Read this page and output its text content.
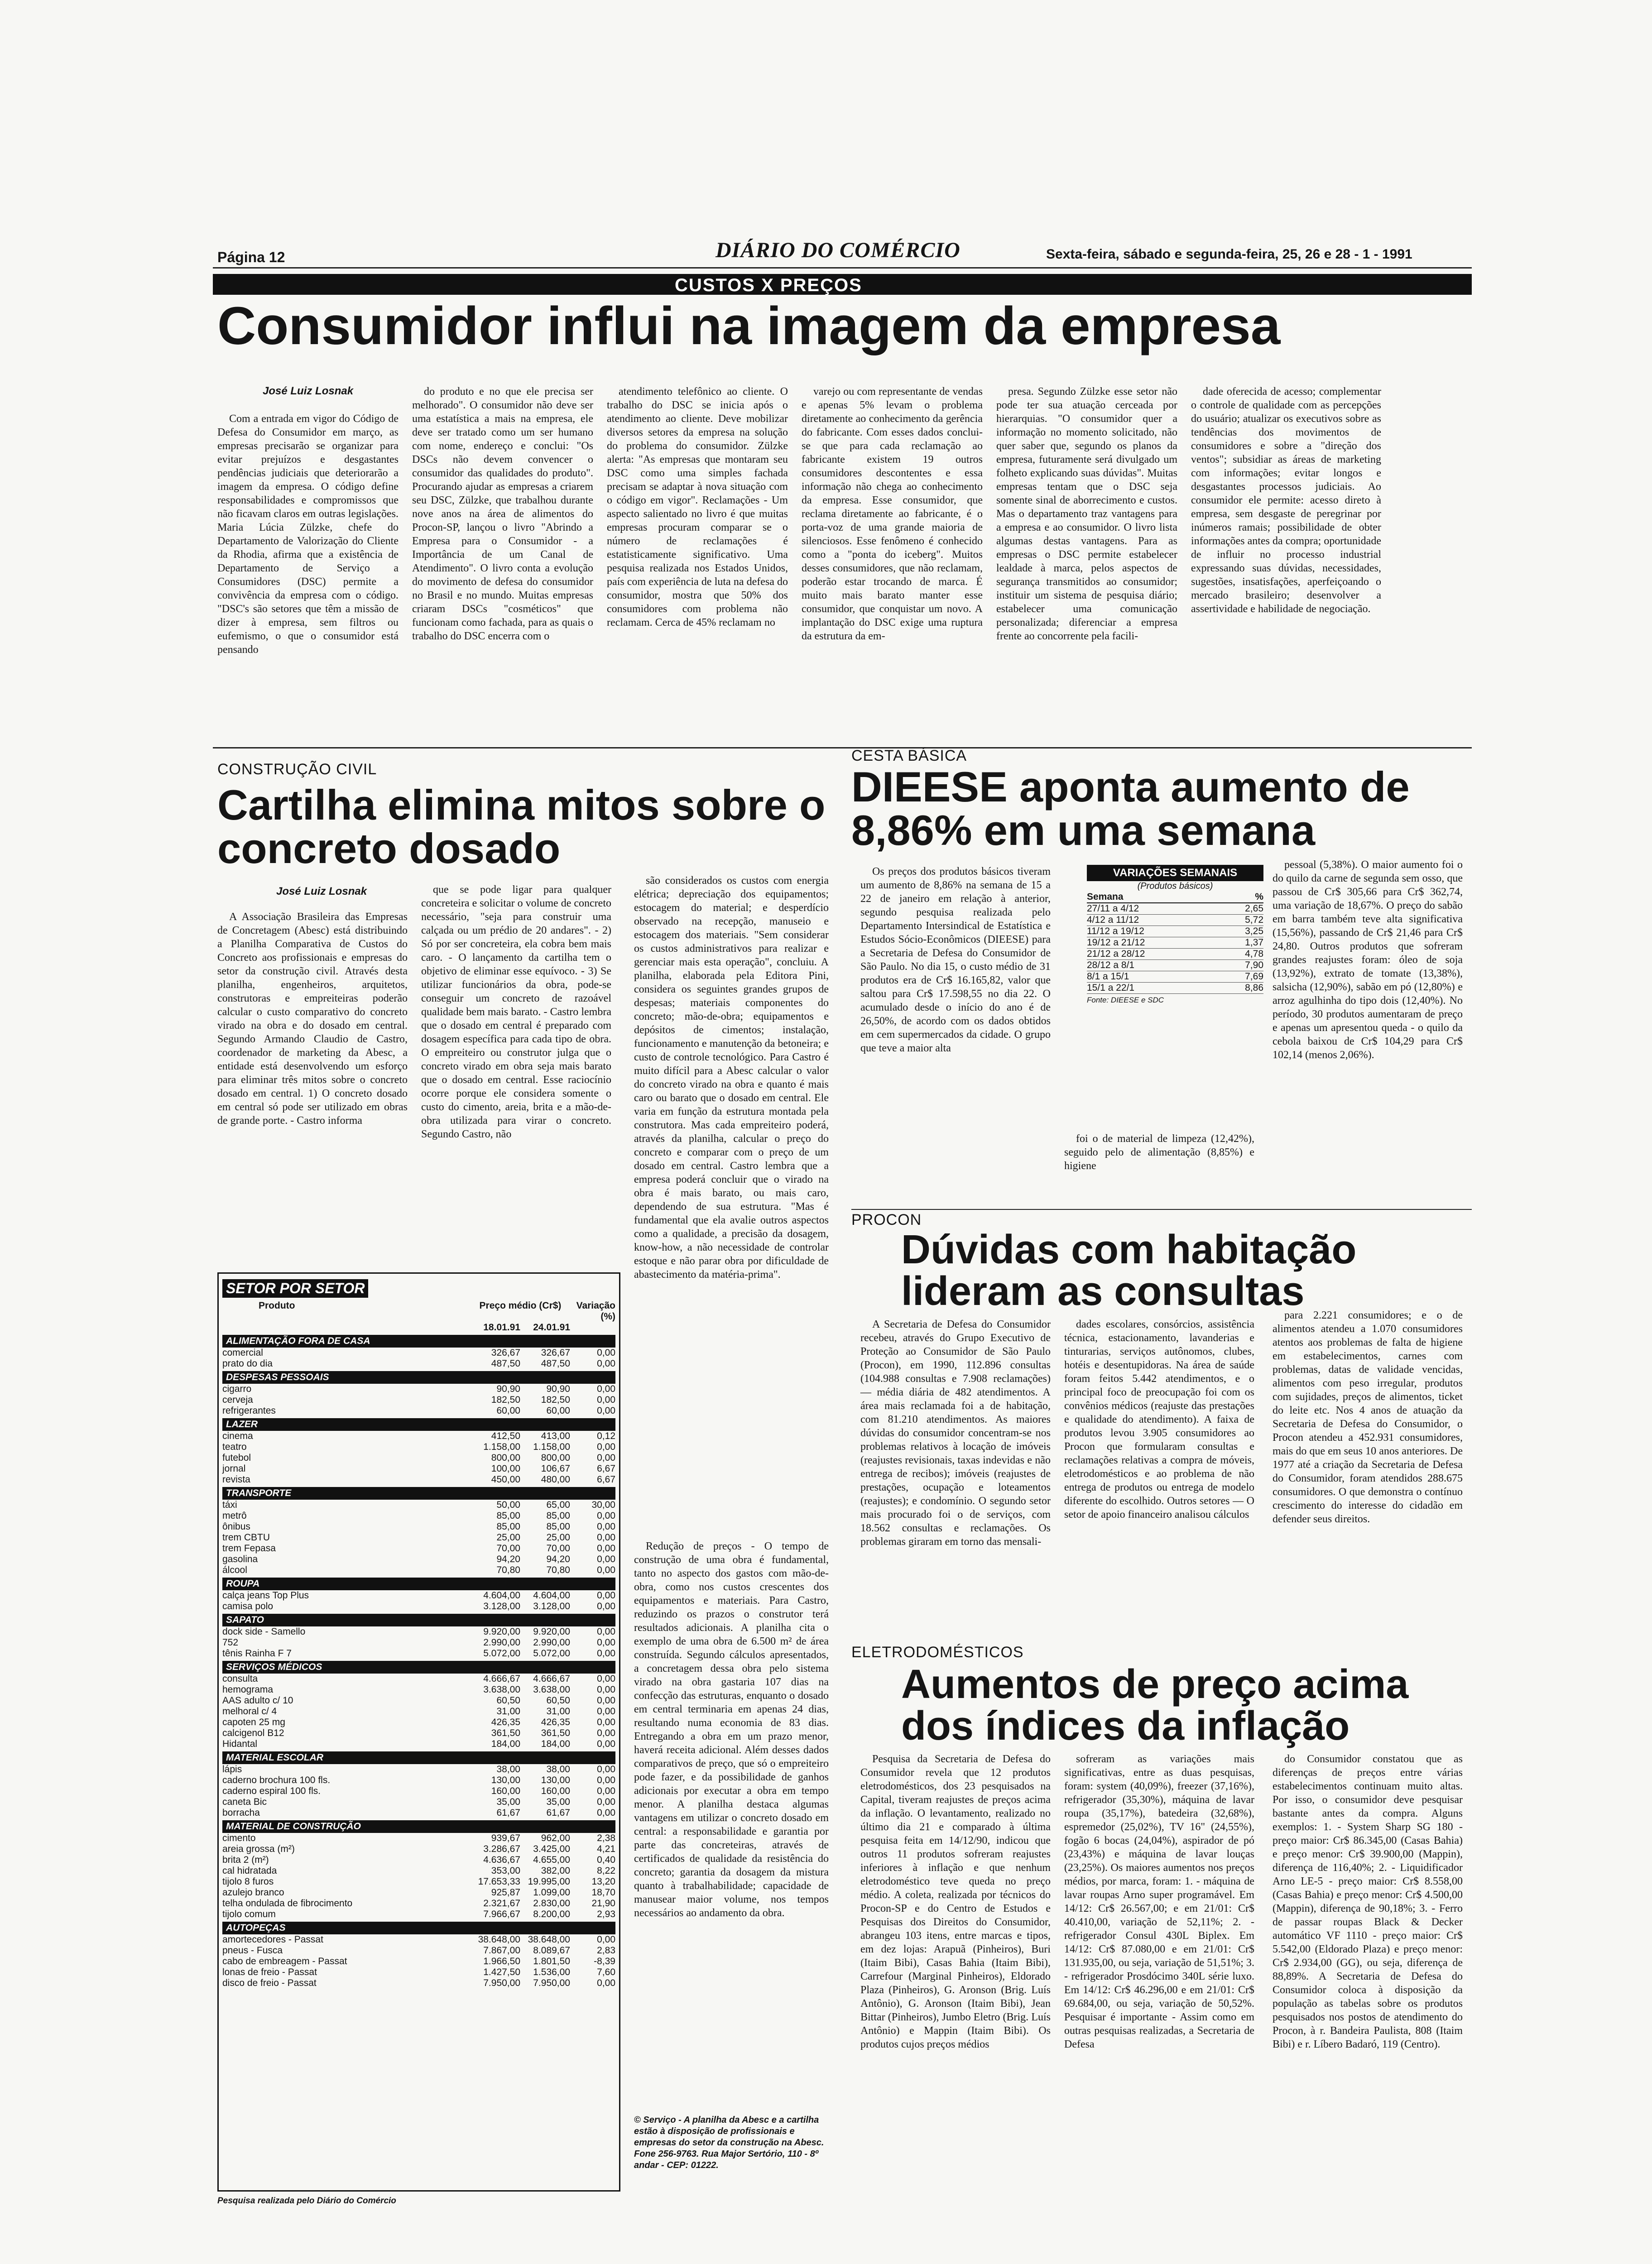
Página 12	DIÁRIO DO COMÉRCIO	Sexta-feira, sábado e segunda-feira, 25, 26 e 28 - 1 - 1991
CUSTOS X PREÇOS
Consumidor influi na imagem da empresa
José Luiz Losnak

Com a entrada em vigor do Código de Defesa do Consumidor em março, as empresas precisarão se organizar para evitar prejuízos e desgastantes pendências judiciais que deteriorarão a imagem da empresa. O código define responsabilidades e compromissos que não ficavam claros em outras legislações. Maria Lúcia Zülzke, chefe do Departamento de Valorização do Cliente da Rhodia, afirma que a existência de Departamento de Serviço a Consumidores (DSC) permite a convivência da empresa com o código. "DSC's são setores que têm a missão de dizer à empresa, sem filtros ou eufemismo, o que o consumidor está pensando

do produto e no que ele precisa ser melhorado". O consumidor não deve ser uma estatística a mais na empresa, ele deve ser tratado como um ser humano com nome, endereço e conclui: "Os DSCs não devem convencer o consumidor das qualidades do produto". Procurando ajudar as empresas a criarem seu DSC, Zülzke, que trabalhou durante nove anos na área de alimentos do Procon-SP, lançou o livro "Abrindo a Empresa para o Consumidor - a Importância de um Canal de Atendimento". O livro conta a evolução do movimento de defesa do consumidor no Brasil e no mundo. Muitas empresas criaram DSCs "cosméticos" que funcionam como fachada, para as quais o trabalho do DSC encerra com o

atendimento telefônico ao cliente. O trabalho do DSC se inicia após o atendimento ao cliente. Deve mobilizar diversos setores da empresa na solução do problema do consumidor. Zülzke alerta: "As empresas que montaram seu DSC como uma simples fachada precisam se adaptar à nova situação com o código em vigor". Reclamações - Um aspecto salientado no livro é que muitas empresas procuram comparar se o número de reclamações é estatisticamente significativo. Uma pesquisa realizada nos Estados Unidos, país com experiência de luta na defesa do consumidor, mostra que 50% dos consumidores com problema não reclamam. Cerca de 45% reclamam no

varejo ou com representante de vendas e apenas 5% levam o problema diretamente ao conhecimento da gerência do fabricante. Com esses dados conclui-se que para cada reclamação ao fabricante existem 19 outros consumidores descontentes e essa informação não chega ao conhecimento da empresa. Esse consumidor, que reclama diretamente ao fabricante, é o porta-voz de uma grande maioria de silenciosos. Esse fenômeno é conhecido como a "ponta do iceberg". Muitos desses consumidores, que não reclamam, poderão estar trocando de marca. É muito mais barato manter esse consumidor, que conquistar um novo. A implantação do DSC exige uma ruptura da estrutura da em-

presa. Segundo Zülzke esse setor não pode ter sua atuação cerceada por hierarquias. "O consumidor quer a informação no momento solicitado, não quer saber que, segundo os planos da empresa, futuramente será divulgado um folheto explicando suas dúvidas". Muitas empresas tentam que o DSC seja somente sinal de aborrecimento e custos. Mas o departamento traz vantagens para a empresa e ao consumidor. O livro lista algumas destas vantagens. Para as empresas o DSC permite estabelecer lealdade à marca, pelos aspectos de segurança transmitidos ao consumidor; instituir um sistema de pesquisa diário; estabelecer uma comunicação personalizada; diferenciar a empresa frente ao concorrente pela facili-

dade oferecida de acesso; complementar o controle de qualidade com as percepções do usuário; atualizar os executivos sobre as tendências dos movimentos de consumidores e sobre a "direção dos ventos"; subsidiar as áreas de marketing com informações; evitar longos e desgastantes processos judiciais. Ao consumidor ele permite: acesso direto à empresa, sem desgaste de peregrinar por inúmeros ramais; possibilidade de obter informações antes da compra; oportunidade de influir no processo industrial expressando suas dúvidas, necessidades, sugestões, insatisfações, aperfeiçoando o mercado brasileiro; desenvolver a assertividade e habilidade de negociação.

CONSTRUÇÃO CIVIL
Cartilha elimina mitos sobre o concreto dosado
José Luiz Losnak

A Associação Brasileira das Empresas de Concretagem (Abesc) está distribuindo a Planilha Comparativa de Custos do Concreto aos profissionais e empresas do setor da construção civil. Através desta planilha, engenheiros, arquitetos, construtoras e empreiteiras poderão calcular o custo comparativo do concreto virado na obra e do dosado em central. Segundo Armando Claudio de Castro, coordenador de marketing da Abesc, a entidade está desenvolvendo um esforço para eliminar três mitos sobre o concreto dosado em central. 1) O concreto dosado em central só pode ser utilizado em obras de grande porte. - Castro informa

que se pode ligar para qualquer concreteira e solicitar o volume de concreto necessário, "seja para construir uma calçada ou um prédio de 20 andares". - 2) Só por ser concreteira, ela cobra bem mais caro. - O lançamento da cartilha tem o objetivo de eliminar esse equívoco. - 3) Se utilizar funcionários da obra, pode-se conseguir um concreto de razoável qualidade bem mais barato. - Castro lembra que o dosado em central é preparado com dosagem específica para cada tipo de obra. O empreiteiro ou construtor julga que o concreto virado em obra seja mais barato que o dosado em central. Esse raciocínio ocorre porque ele considera somente o custo do cimento, areia, brita e a mão-de-obra utilizada para virar o concreto. Segundo Castro, não

são considerados os custos com energia elétrica; depreciação dos equipamentos; estocagem do material; e desperdício observado na recepção, manuseio e estocagem dos materiais. "Sem considerar os custos administrativos para realizar e gerenciar mais esta operação", concluiu. A planilha, elaborada pela Editora Pini, considera os seguintes grandes grupos de despesas; materiais componentes do concreto; mão-de-obra; equipamentos e depósitos de cimentos; instalação, funcionamento e manutenção da betoneira; e custo de controle tecnológico. Para Castro é muito difícil para a Abesc calcular o valor do concreto virado na obra e quanto é mais caro ou barato que o dosado em central. Ele varia em função da estrutura montada pela construtora. Mas cada empreiteiro poderá, através da planilha, calcular o preço do concreto e comparar com o preço de um dosado em central. Castro lembra que a empresa poderá concluir que o virado na obra é mais barato, ou mais caro, dependendo de sua estrutura. "Mas é fundamental que ela avalie outros aspectos como a qualidade, a precisão da dosagem, know-how, a não necessidade de controlar estoque e não parar obra por dificuldade de abastecimento da matéria-prima".

Redução de preços - O tempo de construção de uma obra é fundamental, tanto no aspecto dos gastos com mão-de-obra, como nos custos crescentes dos equipamentos e materiais. Para Castro, reduzindo os prazos o construtor terá resultados adicionais. A planilha cita o exemplo de uma obra de 6.500 m² de área construída. Segundo cálculos apresentados, a concretagem dessa obra pelo sistema virado na obra gastaria 107 dias na confecção das estruturas, enquanto o dosado em central terminaria em apenas 24 dias, resultando numa economia de 83 dias. Entregando a obra em um prazo menor, haverá receita adicional. Além desses dados comparativos de preço, que só o empreiteiro pode fazer, e da possibilidade de ganhos adicionais por executar a obra em tempo menor. A planilha destaca algumas vantagens em utilizar o concreto dosado em central: a responsabilidade e garantia por parte das concreteiras, através de certificados de qualidade da resistência do concreto; garantia da dosagem da mistura quanto à trabalhabilidade; capacidade de manusear maior volume, nos tempos necessários ao andamento da obra.

© Serviço - A planilha da Abesc e a cartilha estão à disposição de profissionais e empresas do setor da construção na Abesc. Fone 256-9763. Rua Major Sertório, 110 - 8º andar - CEP: 01222.
SETOR POR SETOR
Produto	Preço médio (Cr$)	Variação (%)
18.01.91	24.01.91
ALIMENTAÇÃO FORA DE CASA
comercial	326,67	326,67	0,00
prato do dia	487,50	487,50	0,00
DESPESAS PESSOAIS
cigarro	90,90	90,90	0,00
cerveja	182,50	182,50	0,00
refrigerantes	60,00	60,00	0,00
LAZER
cinema	412,50	413,00	0,12
teatro	1.158,00	1.158,00	0,00
futebol	800,00	800,00	0,00
jornal	100,00	106,67	6,67
revista	450,00	480,00	6,67
TRANSPORTE
táxi	50,00	65,00	30,00
metrô	85,00	85,00	0,00
ônibus	85,00	85,00	0,00
trem CBTU	25,00	25,00	0,00
trem Fepasa	70,00	70,00	0,00
gasolina	94,20	94,20	0,00
álcool	70,80	70,80	0,00
ROUPA
calça jeans Top Plus	4.604,00	4.604,00	0,00
camisa polo	3.128,00	3.128,00	0,00
SAPATO
dock side - Samello	9.920,00	9.920,00	0,00
752	2.990,00	2.990,00	0,00
tênis Rainha F 7	5.072,00	5.072,00	0,00
SERVIÇOS MÉDICOS
consulta	4.666,67	4.666,67	0,00
hemograma	3.638,00	3.638,00	0,00
AAS adulto c/ 10	60,50	60,50	0,00
melhoral c/ 4	31,00	31,00	0,00
capoten 25 mg	426,35	426,35	0,00
calcigenol B12	361,50	361,50	0,00
Hidantal	184,00	184,00	0,00
MATERIAL ESCOLAR
lápis	38,00	38,00	0,00
caderno brochura 100 fls.	130,00	130,00	0,00
caderno espiral 100 fls.	160,00	160,00	0,00
caneta Bic	35,00	35,00	0,00
borracha	61,67	61,67	0,00
MATERIAL DE CONSTRUÇÃO
cimento	939,67	962,00	2,38
areia grossa (m²)	3.286,67	3.425,00	4,21
brita 2 (m²)	4.636,67	4.655,00	0,40
cal hidratada	353,00	382,00	8,22
tijolo 8 furos	17.653,33 19.995,00	13,20
azulejo branco	925,87	1.099,00	18,70
telha ondulada de fibrocimento	2.321,67	2.830,00	21,90
tijolo comum	7.966,67	8.200,00	2,93
AUTOPEÇAS
amortecedores - Passat	38.648,00 38.648,00	0,00
pneus - Fusca	7.867,00	8.089,67	2,83
cabo de embreagem - Passat	1.966,50	1.801,50	-8,39
lonas de freio - Passat	1.427,50	1.536,00	7,60
disco de freio - Passat	7.950,00	7.950,00	0,00
Pesquisa realizada pelo Diário do Comércio
CESTA BÁSICA
DIEESE aponta aumento de 8,86% em uma semana

Os preços dos produtos básicos tiveram um aumento de 8,86% na semana de 15 a 22 de janeiro em relação à anterior, segundo pesquisa realizada pelo Departamento Intersindical de Estatística e Estudos Sócio-Econômicos (DIEESE) para a Secretaria de Defesa do Consumidor de São Paulo. No dia 15, o custo médio de 31 produtos era de Cr$ 16.165,82, valor que saltou para Cr$ 17.598,55 no dia 22. O acumulado desde o início do ano é de 26,50%, de acordo com os dados obtidos em cem supermercados da cidade. O grupo que teve a maior alta

foi o de material de limpeza (12,42%), seguido pelo de alimentação (8,85%) e higiene

pessoal (5,38%). O maior aumento foi o do quilo da carne de segunda sem osso, que passou de Cr$ 305,66 para Cr$ 362,74, uma variação de 18,67%. O preço do sabão em barra também teve alta significativa (15,56%), passando de Cr$ 21,46 para Cr$ 24,80. Outros produtos que sofreram grandes reajustes foram: óleo de soja (13,92%), extrato de tomate (13,38%), salsicha (12,90%), sabão em pó (12,80%) e arroz agulhinha do tipo dois (12,40%). No período, 30 produtos aumentaram de preço e apenas um apresentou queda - o quilo da cebola baixou de Cr$ 104,29 para Cr$ 102,14 (menos 2,06%).

VARIAÇÕES SEMANAIS
(Produtos básicos)
Semana	%
27/11 a 4/12	2,65
4/12 a 11/12	5,72
11/12 a 19/12	3,25
19/12 a 21/12	1,37
21/12 a 28/12	4,78
28/12 a 8/1	7,90
8/1 a 15/1	7,69
15/1 a 22/1	8,86
Fonte: DIEESE e SDC
PROCON
Dúvidas com habitação lideram as consultas

A Secretaria de Defesa do Consumidor recebeu, através do Grupo Executivo de Proteção ao Consumidor de São Paulo (Procon), em 1990, 112.896 consultas (104.988 consultas e 7.908 reclamações) — média diária de 482 atendimentos. A área mais reclamada foi a de habitação, com 81.210 atendimentos. As maiores dúvidas do consumidor concentram-se nos problemas relativos à locação de imóveis (reajustes revisionais, taxas indevidas e não entrega de recibos); imóveis (reajustes de prestações, ocupação e loteamentos (reajustes); e condomínio. O segundo setor mais procurado foi o de serviços, com 18.562 consultas e reclamações. Os problemas giraram em torno das mensali-

dades escolares, consórcios, assistência técnica, estacionamento, lavanderias e tinturarias, serviços autônomos, clubes, hotéis e desentupidoras. Na área de saúde foram feitos 5.442 atendimentos, e o principal foco de preocupação foi com os convênios médicos (reajuste das prestações e qualidade do atendimento). A faixa de produtos levou 3.905 consumidores ao Procon que formularam consultas e reclamações relativas a compra de móveis, eletrodomésticos e ao problema de não entrega de produtos ou entrega de modelo diferente do escolhido. Outros setores — O setor de apoio financeiro analisou cálculos

para 2.221 consumidores; e o de alimentos atendeu a 1.070 consumidores atentos aos problemas de falta de higiene em estabelecimentos, carnes com problemas, datas de validade vencidas, alimentos com peso irregular, produtos com sujidades, preços de alimentos, ticket do leite etc. Nos 4 anos de atuação da Secretaria de Defesa do Consumidor, o Procon atendeu a 452.931 consumidores, mais do que em seus 10 anos anteriores. De 1977 até a criação da Secretaria de Defesa do Consumidor, foram atendidos 288.675 consumidores. O que demonstra o contínuo crescimento do interesse do cidadão em defender seus direitos.

ELETRODOMÉSTICOS
Aumentos de preço acima dos índices da inflação

Pesquisa da Secretaria de Defesa do Consumidor revela que 12 produtos eletrodomésticos, dos 23 pesquisados na Capital, tiveram reajustes de preços acima da inflação. O levantamento, realizado no último dia 21 e comparado à última pesquisa feita em 14/12/90, indicou que outros 11 produtos sofreram reajustes inferiores à inflação e que nenhum eletrodoméstico teve queda no preço médio. A coleta, realizada por técnicos do Procon-SP e do Centro de Estudos e Pesquisas dos Direitos do Consumidor, abrangeu 103 itens, entre marcas e tipos, em dez lojas: Arapuã (Pinheiros), Buri (Itaim Bibi), Casas Bahia (Itaim Bibi), Carrefour (Marginal Pinheiros), Eldorado Plaza (Pinheiros), G. Aronson (Brig. Luís Antônio), G. Aronson (Itaim Bibi), Jean Bittar (Pinheiros), Jumbo Eletro (Brig. Luís Antônio) e Mappin (Itaim Bibi). Os produtos cujos preços médios

sofreram as variações mais significativas, entre as duas pesquisas, foram: system (40,09%), freezer (37,16%), refrigerador (35,30%), máquina de lavar roupa (35,17%), batedeira (32,68%), espremedor (25,02%), TV 16" (24,55%), fogão 6 bocas (24,04%), aspirador de pó (23,43%) e máquina de lavar louças (23,25%). Os maiores aumentos nos preços médios, por marca, foram: 1. - máquina de lavar roupas Arno super programável. Em 14/12: Cr$ 26.567,00; e em 21/01: Cr$ 40.410,00, variação de 52,11%; 2. - refrigerador Consul 430L Biplex. Em 14/12: Cr$ 87.080,00 e em 21/01: Cr$ 131.935,00, ou seja, variação de 51,51%; 3. - refrigerador Prosdócimo 340L série luxo. Em 14/12: Cr$ 46.296,00 e em 21/01: Cr$ 69.684,00, ou seja, variação de 50,52%. Pesquisar é importante - Assim como em outras pesquisas realizadas, a Secretaria de Defesa

do Consumidor constatou que as diferenças de preços entre várias estabelecimentos continuam muito altas. Por isso, o consumidor deve pesquisar bastante antes da compra. Alguns exemplos: 1. - System Sharp SG 180 - preço maior: Cr$ 86.345,00 (Casas Bahia) e preço menor: Cr$ 39.900,00 (Mappin), diferença de 116,40%; 2. - Liquidificador Arno LE-5 - preço maior: Cr$ 8.558,00 (Casas Bahia) e preço menor: Cr$ 4.500,00 (Mappin), diferença de 90,18%; 3. - Ferro de passar roupas Black & Decker automático VF 1110 - preço maior: Cr$ 5.542,00 (Eldorado Plaza) e preço menor: Cr$ 2.934,00 (GG), ou seja, diferença de 88,89%. A Secretaria de Defesa do Consumidor coloca à disposição da população as tabelas sobre os produtos pesquisados nos postos de atendimento do Procon, à r. Bandeira Paulista, 808 (Itaim Bibi) e r. Líbero Badaró, 119 (Centro).
